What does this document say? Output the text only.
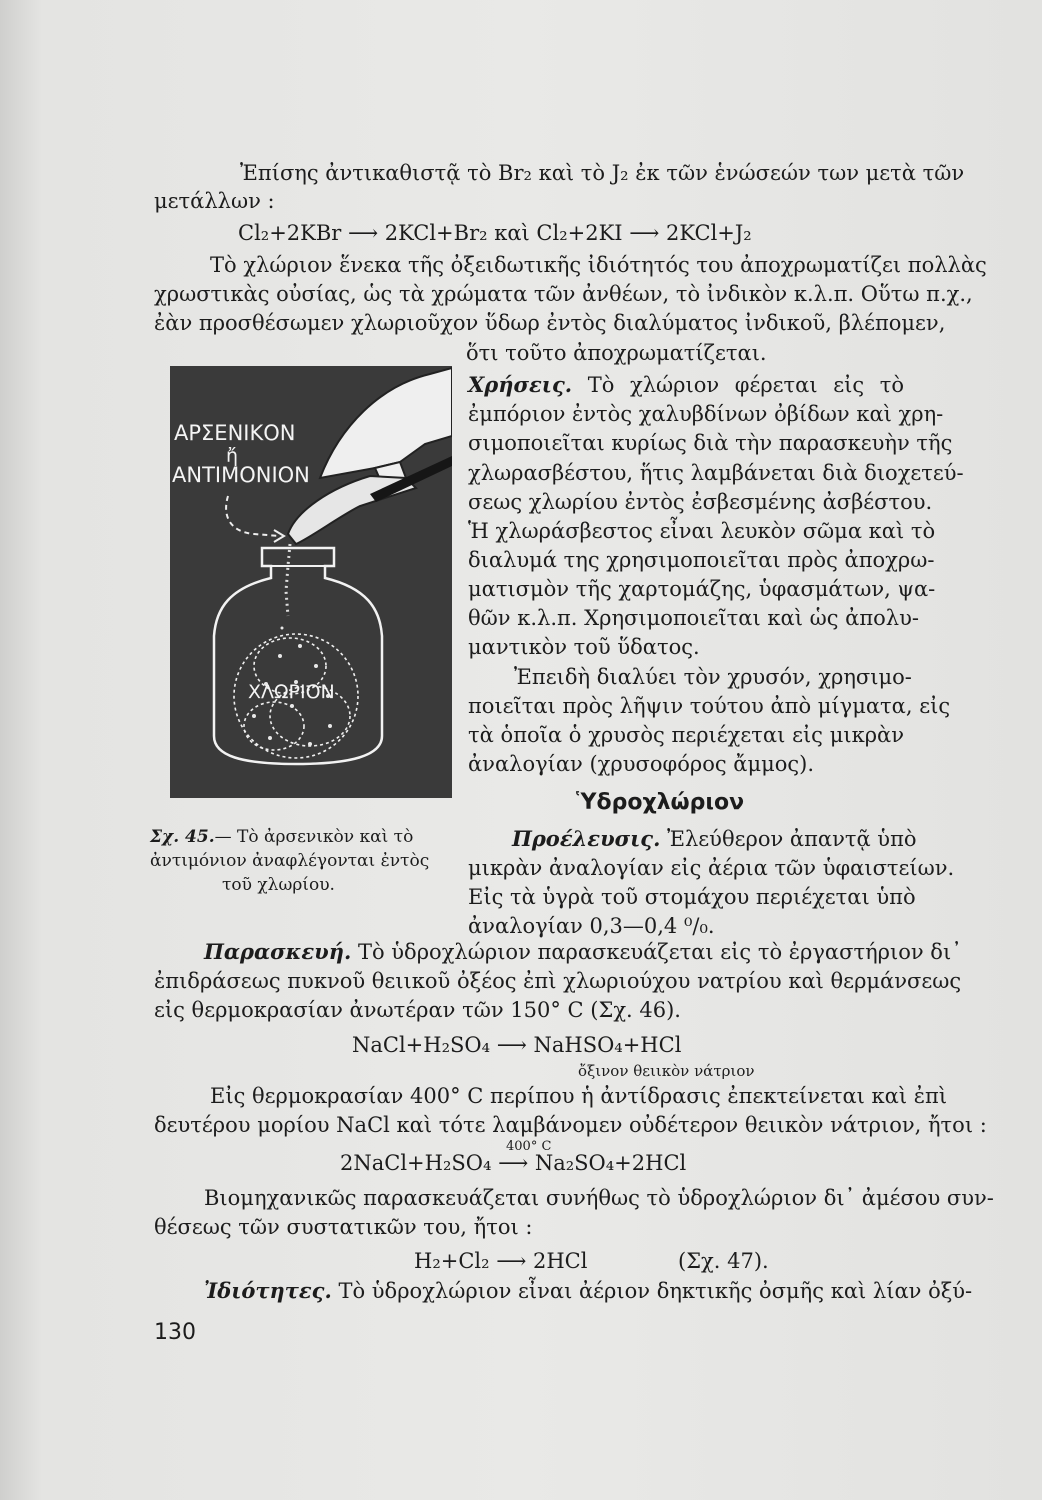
Ἐπίσης ἀντικαθιστᾷ τὸ Br₂ καὶ τὸ J₂ ἐκ τῶν ἑνώσεών των μετὰ τῶν
μετάλλων :
Cl₂+2KBr ⟶ 2KCl+Br₂ καὶ Cl₂+2KI ⟶ 2KCl+J₂
Τὸ χλώριον ἕνεκα τῆς ὀξειδωτικῆς ἰδιότητός του ἀποχρωματίζει πολλὰς
χρωστικὰς οὐσίας, ὡς τὰ χρώματα τῶν ἀνθέων, τὸ ἰνδικὸν κ.λ.π. Οὕτω π.χ.,
ἐὰν προσθέσωμεν χλωριοῦχον ὕδωρ ἐντὸς διαλύματος ἰνδικοῦ, βλέπομεν,
ὅτι τοῦτο ἀποχρωματίζεται.
ΑΡΣΕΝΙΚΟΝ
ἤ
ΑΝΤΙΜΟΝΙΟΝ
ΧΛΩΡΙΟΝ
Χρήσεις. Τὸ χλώριον φέρεται εἰς τὸ
ἐμπόριον ἐντὸς χαλυβδίνων ὀβίδων καὶ χρη-
σιμοποιεῖται κυρίως διὰ τὴν παρασκευὴν τῆς
χλωρασβέστου, ἥτις λαμβάνεται διὰ διοχετεύ-
σεως χλωρίου ἐντὸς ἐσβεσμένης ἀσβέστου.
Ἡ χλωράσβεστος εἶναι λευκὸν σῶμα καὶ τὸ
διαλυμά της χρησιμοποιεῖται πρὸς ἀποχρω-
ματισμὸν τῆς χαρτομάζης, ὑφασμάτων, ψα-
θῶν κ.λ.π. Χρησιμοποιεῖται καὶ ὡς ἀπολυ-
μαντικὸν τοῦ ὕδατος.
Ἐπειδὴ διαλύει τὸν χρυσόν, χρησιμο-
ποιεῖται πρὸς λῆψιν τούτου ἀπὸ μίγματα, εἰς
τὰ ὁποῖα ὁ χρυσὸς περιέχεται εἰς μικρὰν
ἀναλογίαν (χρυσοφόρος ἄμμος).
Ὑδροχλώριον
Προέλευσις. Ἐλεύθερον ἀπαντᾷ ὑπὸ
μικρὰν ἀναλογίαν εἰς ἀέρια τῶν ὑφαιστείων.
Εἰς τὰ ὑγρὰ τοῦ στομάχου περιέχεται ὑπὸ
ἀναλογίαν 0,3—0,4 ⁰/₀.
Σχ. 45.— Τὸ ἀρσενικὸν καὶ τὸ
ἀντιμόνιον ἀναφλέγονται ἐντὸς
τοῦ χλωρίου.
Παρασκευή. Τὸ ὑδροχλώριον παρασκευάζεται εἰς τὸ ἐργαστήριον δι᾽
ἐπιδράσεως πυκνοῦ θειικοῦ ὀξέος ἐπὶ χλωριούχου νατρίου καὶ θερμάνσεως
εἰς θερμοκρασίαν ἀνωτέραν τῶν 150° C (Σχ. 46).
NaCl+H₂SO₄ ⟶ NaHSO₄+HCl
ὄξινον θειικὸν νάτριον
Εἰς θερμοκρασίαν 400° C περίπου ἡ ἀντίδρασις ἐπεκτείνεται καὶ ἐπὶ
δευτέρου μορίου NaCl καὶ τότε λαμβάνομεν οὐδέτερον θειικὸν νάτριον, ἤτοι :
400° C
2NaCl+H₂SO₄ ⟶ Na₂SO₄+2HCl
Βιομηχανικῶς παρασκευάζεται συνήθως τὸ ὑδροχλώριον δι᾽ ἀμέσου συν-
θέσεως τῶν συστατικῶν του, ἤτοι :
H₂+Cl₂ ⟶ 2HCl	(Σχ. 47).
Ἰδιότητες. Τὸ ὑδροχλώριον εἶναι ἀέριον δηκτικῆς ὀσμῆς καὶ λίαν ὀξύ-
130
